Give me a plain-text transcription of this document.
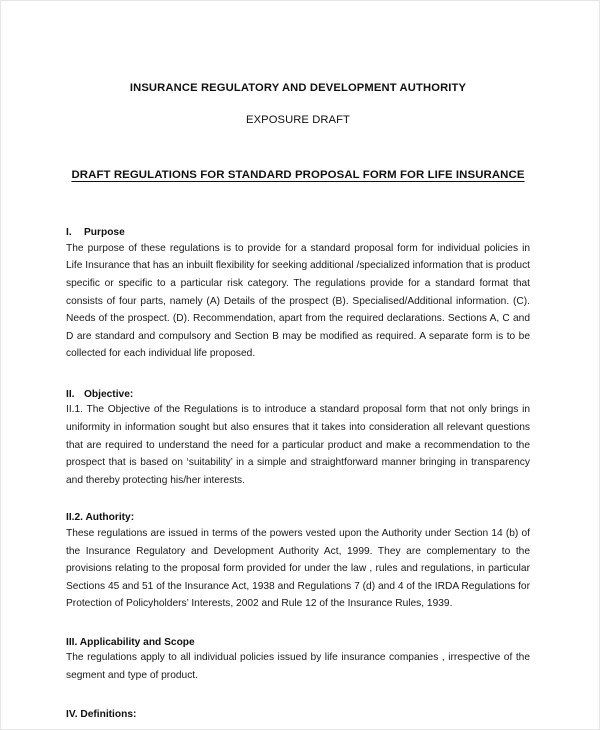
INSURANCE REGULATORY AND DEVELOPMENT AUTHORITY
EXPOSURE DRAFT
DRAFT REGULATIONS FOR STANDARD PROPOSAL FORM FOR LIFE INSURANCE
I. Purpose

The purpose of these regulations is to provide for a standard proposal form for individual policies in Life Insurance that has an inbuilt flexibility for seeking additional /specialized information that is product specific or specific to a particular risk category. The regulations provide for a standard format that consists of four parts, namely (A) Details of the prospect (B). Specialised/Additional information. (C). Needs of the prospect. (D). Recommendation, apart from the required declarations. Sections A, C and D are standard and compulsory and Section B may be modified as required. A separate form is to be collected for each individual life proposed.

II. Objective:

II.1. The Objective of the Regulations is to introduce a standard proposal form that not only brings in uniformity in information sought but also ensures that it takes into consideration all relevant questions that are required to understand the need for a particular product and make a recommendation to the prospect that is based on ‘suitability’ in a simple and straightforward manner bringing in transparency and thereby protecting his/her interests.

II.2. Authority:

These regulations are issued in terms of the powers vested upon the Authority under Section 14 (b) of the Insurance Regulatory and Development Authority Act, 1999. They are complementary to the provisions relating to the proposal form provided for under the law , rules and regulations, in particular Sections 45 and 51 of the Insurance Act, 1938 and Regulations 7 (d) and 4 of the IRDA Regulations for Protection of Policyholders’ Interests, 2002 and Rule 12 of the Insurance Rules, 1939.

III. Applicability and Scope

The regulations apply to all individual policies issued by life insurance companies , irrespective of the segment and type of product.

IV. Definitions:
